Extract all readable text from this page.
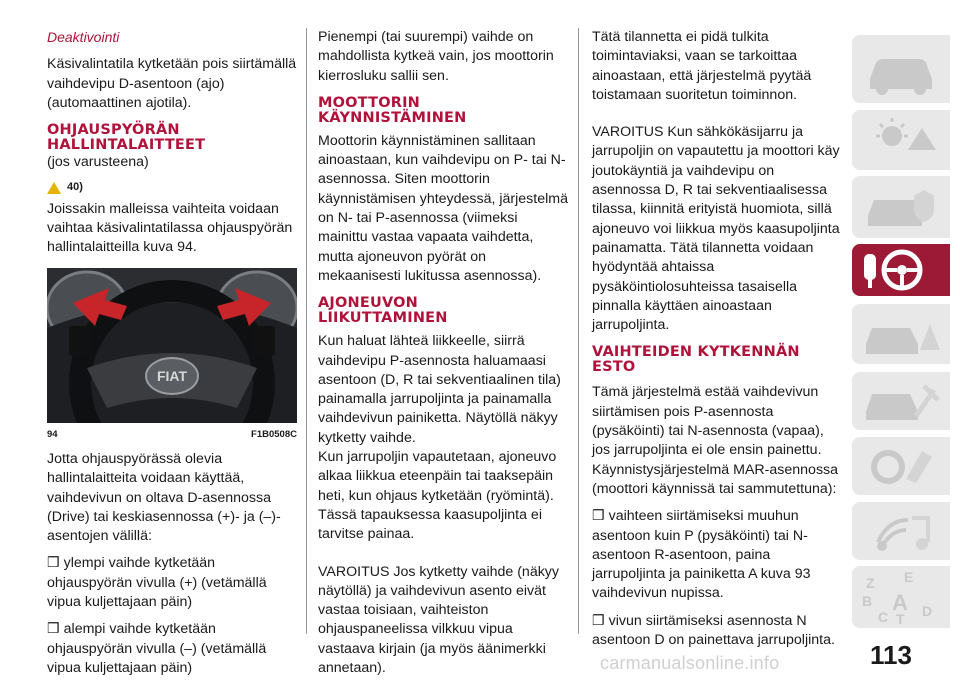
Deaktivointi

Käsivalintatila kytketään pois siirtämällä vaihdevipu D-asentoon (ajo) (automaattinen ajotila).

OHJAUSPYÖRÄN
HALLINTALAITTEET

(jos varusteena)

40)

Joissakin malleissa vaihteita voidaan vaihtaa käsivalintatilassa ohjauspyörän hallintalaitteilla kuva 94.

FIAT
94	F1B0508C

Jotta ohjauspyörässä olevia hallintalaitteita voidaan käyttää, vaihdevivun on oltava D-asennossa (Drive) tai keskiasennossa (+)- ja (–)-asentojen välillä:

❒ ylempi vaihde kytketään ohjauspyörän vivulla (+) (vetämällä vipua kuljettajaan päin)

❒ alempi vaihde kytketään ohjauspyörän vivulla (–) (vetämällä vipua kuljettajaan päin)

Pienempi (tai suurempi) vaihde on mahdollista kytkeä vain, jos moottorin kierrosluku sallii sen.

MOOTTORIN
KÄYNNISTÄMINEN

Moottorin käynnistäminen sallitaan ainoastaan, kun vaihdevipu on P- tai N-asennossa. Siten moottorin käynnistämisen yhteydessä, järjestelmä on N- tai P-asennossa (viimeksi mainittu vastaa vapaata vaihdetta, mutta ajoneuvon pyörät on mekaanisesti lukitussa asennossa).

AJONEUVON
LIIKUTTAMINEN

Kun haluat lähteä liikkeelle, siirrä vaihdevipu P-asennosta haluamaasi asentoon (D, R tai sekventiaalinen tila) painamalla jarrupoljinta ja painamalla vaihdevivun painiketta. Näytöllä näkyy kytketty vaihde.

Kun jarrupoljin vapautetaan, ajoneuvo alkaa liikkua eteenpäin tai taaksepäin heti, kun ohjaus kytketään (ryömintä). Tässä tapauksessa kaasupoljinta ei tarvitse painaa.

VAROITUS Jos kytketty vaihde (näkyy näytöllä) ja vaihdevivun asento eivät vastaa toisiaan, vaihteiston ohjauspaneelissa vilkkuu vipua vastaava kirjain (ja myös äänimerkki annetaan).

Tätä tilannetta ei pidä tulkita toimintaviaksi, vaan se tarkoittaa ainoastaan, että järjestelmä pyytää toistamaan suoritetun toiminnon.

VAROITUS Kun sähkökäsijarru ja jarrupoljin on vapautettu ja moottori käy joutokäyntiä ja vaihdevipu on asennossa D, R tai sekventiaalisessa tilassa, kiinnitä erityistä huomiota, sillä ajoneuvo voi liikkua myös kaasupoljinta painamatta. Tätä tilannetta voidaan hyödyntää ahtaissa pysäköintiolosuhteissa tasaisella pinnalla käyttäen ainoastaan jarrupoljinta.

VAIHTEIDEN KYTKENNÄN
ESTO

Tämä järjestelmä estää vaihdevivun siirtämisen pois P-asennosta (pysäköinti) tai N-asennosta (vapaa), jos jarrupoljinta ei ole ensin painettu. Käynnistysjärjestelmä MAR-asennossa (moottori käynnissä tai sammutettuna):

❒ vaihteen siirtämiseksi muuhun asentoon kuin P (pysäköinti) tai N-asentoon R-asentoon, paina jarrupoljinta ja painiketta A kuva 93 vaihdevivun nupissa.

❒ vivun siirtämiseksi asennosta N asentoon D on painettava jarrupoljinta.

Z E
B A
C T D
113
carmanualsonline.info
